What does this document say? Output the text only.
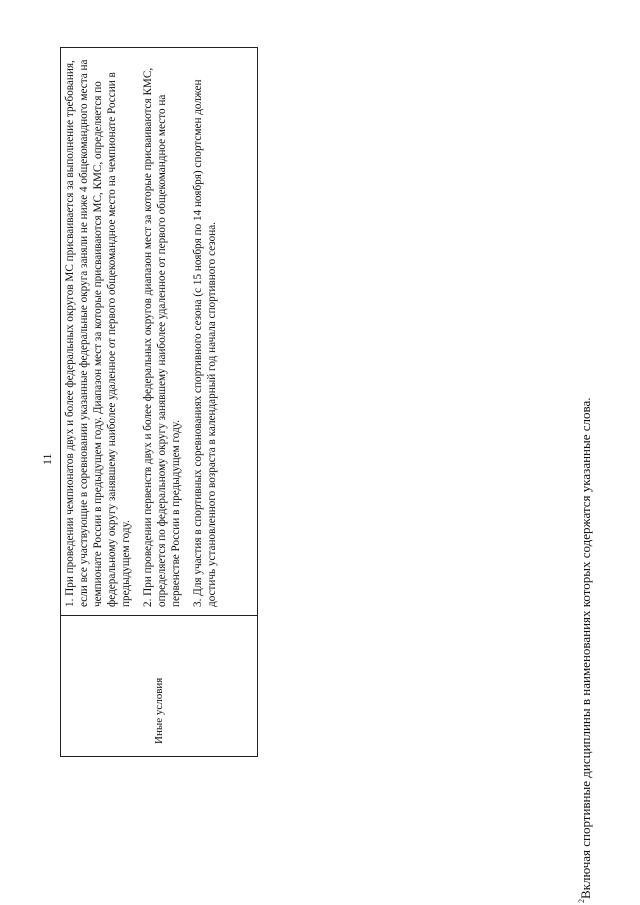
11
Иные условия

1. При проведении чемпионатов двух и более федеральных округов МС присваивается за выполнение требования, если все участвующие в соревновании указанные федеральные округа заняли не ниже 4 общекомандного места на чемпионате России в предыдущем году. Диапазон мест за которые присваиваются МС, КМС, определяется по федеральному округу занявшему наиболее удаленное от первого общекомандное место на чемпионате России в предыдущем году. 2. При проведении первенств двух и более федеральных округов диапазон мест за которые присваиваются КМС, определяется по федеральному округу занявшему наиболее удаленное от первого общекомандное место на первенстве России в предыдущем году. 3. Для участия в спортивных соревнованиях спортивного сезона (с 15 ноября по 14 ноября) спортсмен должен достичь установленного возраста в календарный год начала спортивного сезона.

$^2$Включая спортивные дисциплины в наименованиях которых содержатся указанные слова.
